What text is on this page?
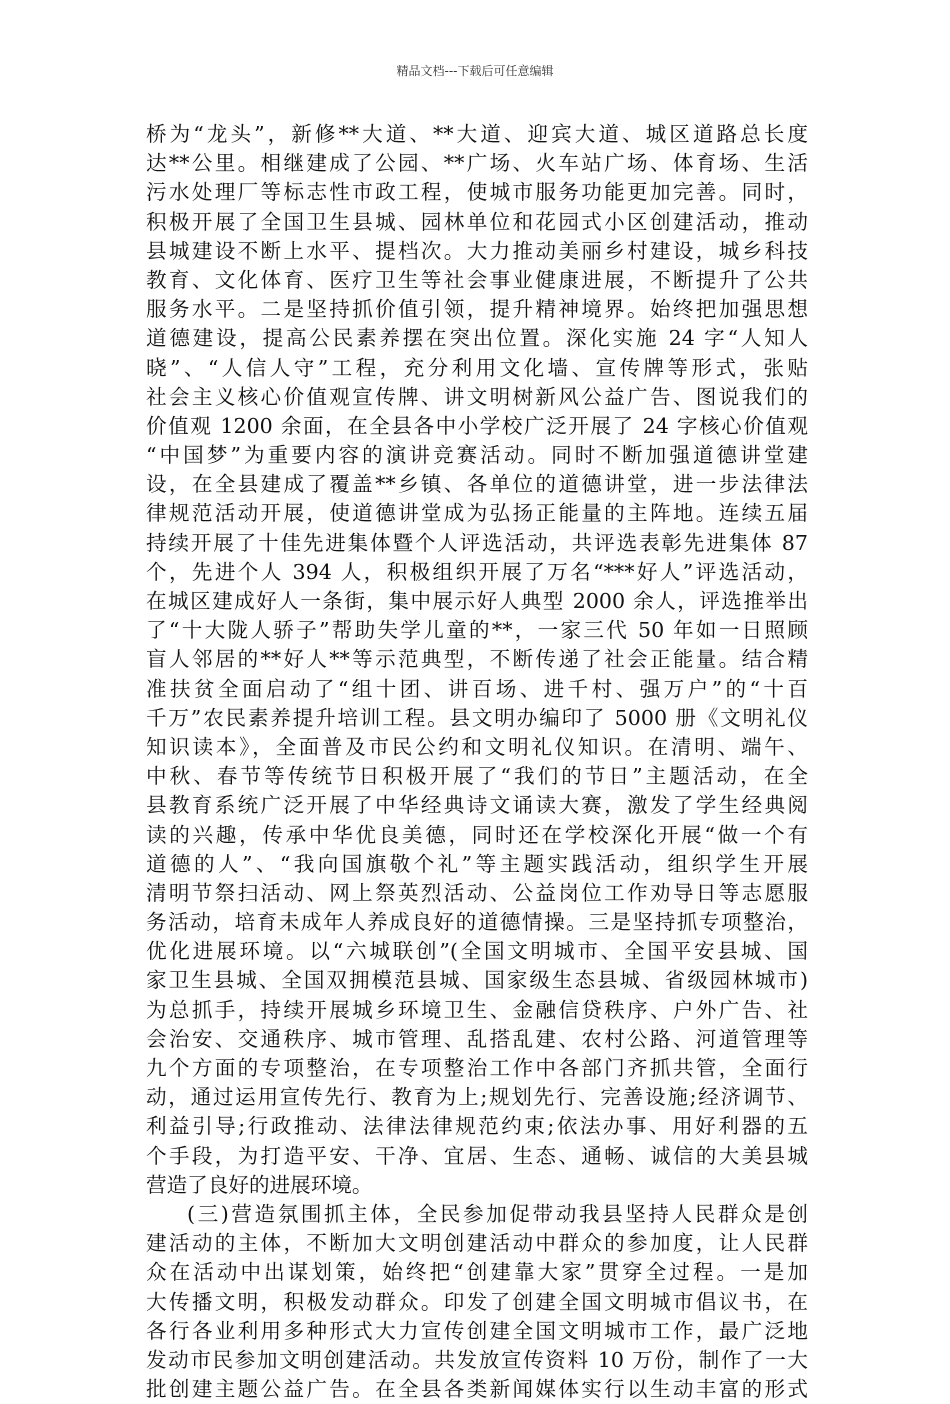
精品文档---下载后可任意编辑
桥为“龙头”，新修**大道、**大道、迎宾大道、城区道路总长度
达**公里。相继建成了公园、**广场、火车站广场、体育场、生活
污水处理厂等标志性市政工程，使城市服务功能更加完善。同时，
积极开展了全国卫生县城、园林单位和花园式小区创建活动，推动
县城建设不断上水平、提档次。大力推动美丽乡村建设，城乡科技
教育、文化体育、医疗卫生等社会事业健康进展，不断提升了公共
服务水平。二是坚持抓价值引领，提升精神境界。始终把加强思想
道德建设，提高公民素养摆在突出位置。深化实施 24 字“人知人
晓”、“人信人守”工程，充分利用文化墙、宣传牌等形式，张贴
社会主义核心价值观宣传牌、讲文明树新风公益广告、图说我们的
价值观 1200 余面，在全县各中小学校广泛开展了 24 字核心价值观
“中国梦”为重要内容的演讲竞赛活动。同时不断加强道德讲堂建
设，在全县建成了覆盖**乡镇、各单位的道德讲堂，进一步法律法
律规范活动开展，使道德讲堂成为弘扬正能量的主阵地。连续五届
持续开展了十佳先进集体暨个人评选活动，共评选表彰先进集体 87
个，先进个人 394 人，积极组织开展了万名“***好人”评选活动，
在城区建成好人一条街，集中展示好人典型 2000 余人，评选推举出
了“十大陇人骄子”帮助失学儿童的**，一家三代 50 年如一日照顾
盲人邻居的**好人**等示范典型，不断传递了社会正能量。结合精
准扶贫全面启动了“组十团、讲百场、进千村、强万户”的“十百
千万”农民素养提升培训工程。县文明办编印了 5000 册《文明礼仪
知识读本》，全面普及市民公约和文明礼仪知识。在清明、端午、
中秋、春节等传统节日积极开展了“我们的节日”主题活动，在全
县教育系统广泛开展了中华经典诗文诵读大赛，激发了学生经典阅
读的兴趣，传承中华优良美德，同时还在学校深化开展“做一个有
道德的人”、“我向国旗敬个礼”等主题实践活动，组织学生开展
清明节祭扫活动、网上祭英烈活动、公益岗位工作劝导日等志愿服
务活动，培育未成年人养成良好的道德情操。三是坚持抓专项整治，
优化进展环境。以“六城联创”(全国文明城市、全国平安县城、国
家卫生县城、全国双拥模范县城、国家级生态县城、省级园林城市)
为总抓手，持续开展城乡环境卫生、金融信贷秩序、户外广告、社
会治安、交通秩序、城市管理、乱搭乱建、农村公路、河道管理等
九个方面的专项整治，在专项整治工作中各部门齐抓共管，全面行
动，通过运用宣传先行、教育为上;规划先行、完善设施;经济调节、
利益引导;行政推动、法律法律规范约束;依法办事、用好利器的五
个手段，为打造平安、干净、宜居、生态、通畅、诚信的大美县城
营造了良好的进展环境。
(三)营造氛围抓主体，全民参加促带动我县坚持人民群众是创
建活动的主体，不断加大文明创建活动中群众的参加度，让人民群
众在活动中出谋划策，始终把“创建靠大家”贯穿全过程。一是加
大传播文明，积极发动群众。印发了创建全国文明城市倡议书，在
各行各业利用多种形式大力宣传创建全国文明城市工作，最广泛地
发动市民参加文明创建活动。共发放宣传资料 10 万份，制作了一大
批创建主题公益广告。在全县各类新闻媒体实行以生动丰富的形式
